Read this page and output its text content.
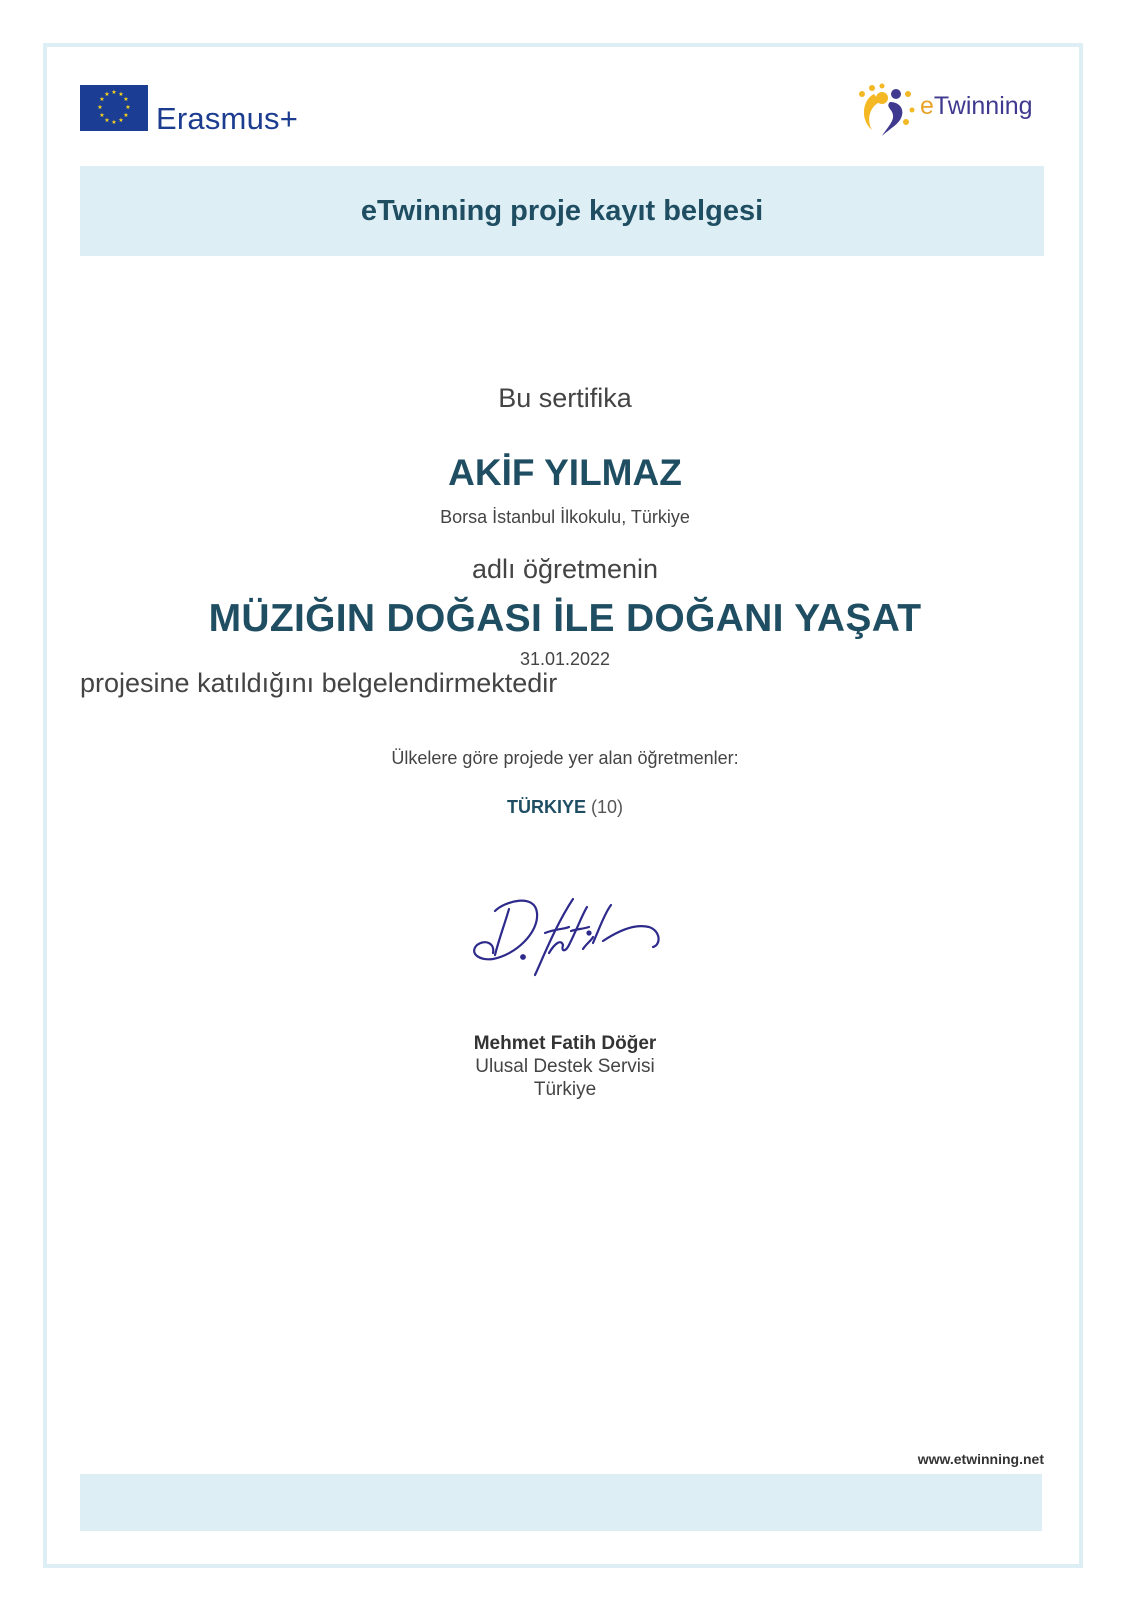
★ ★
★
★
★
★
★
★
★
★
★
★
Erasmus+	eTwinning
eTwinning proje kayıt belgesi
Bu sertifika
AKİF YILMAZ
Borsa İstanbul İlkokulu, Türkiye
adlı öğretmenin
MÜZIĞIN DOĞASI İLE DOĞANI YAŞAT
31.01.2022
projesine katıldığını belgelendirmektedir
Ülkelere göre projede yer alan öğretmenler:
TÜRKIYE (10)
Mehmet Fatih Döğer
Ulusal Destek Servisi
Türkiye
www.etwinning.net
